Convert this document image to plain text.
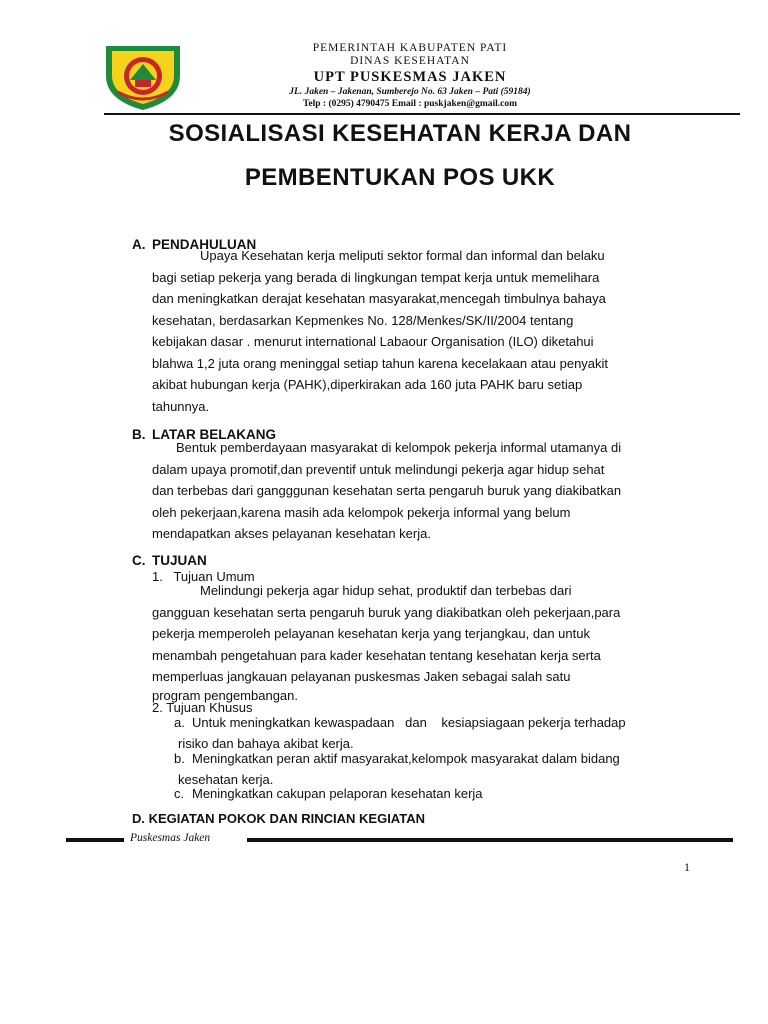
PEMERINTAH KABUPATEN PATI
DINAS KESEHATAN
UPT PUSKESMAS JAKEN
JL. Jaken – Jakenan, Sumberejo No. 63 Jaken – Pati (59184)
Telp : (0295) 4790475 Email : puskjaken@gmail.com
SOSIALISASI KESEHATAN KERJA DAN
PEMBENTUKAN POS UKK
A. PENDAHULUAN
Upaya Kesehatan kerja meliputi sektor formal dan informal dan belaku
bagi setiap pekerja yang berada di lingkungan tempat kerja untuk memelihara
dan meningkatkan derajat kesehatan masyarakat,mencegah timbulnya bahaya
kesehatan, berdasarkan Kepmenkes No. 128/Menkes/SK/II/2004 tentang
kebijakan dasar . menurut international Labaour Organisation (ILO) diketahui
blahwa 1,2 juta orang meninggal setiap tahun karena kecelakaan atau penyakit
akibat hubungan kerja (PAHK),diperkirakan ada 160 juta PAHK baru setiap
tahunnya.
B. LATAR BELAKANG
Bentuk pemberdayaan masyarakat di kelompok pekerja informal utamanya di
dalam upaya promotif,dan preventif untuk melindungi pekerja agar hidup sehat
dan terbebas dari gangggunan kesehatan serta pengaruh buruk yang diakibatkan
oleh pekerjaan,karena masih ada kelompok pekerja informal yang belum
mendapatkan akses pelayanan kesehatan kerja.
C. TUJUAN
1.   Tujuan Umum
Melindungi pekerja agar hidup sehat, produktif dan terbebas dari
gangguan kesehatan serta pengaruh buruk yang diakibatkan oleh pekerjaan,para
pekerja memperoleh pelayanan kesehatan kerja yang terjangkau, dan untuk
menambah pengetahuan para kader kesehatan tentang kesehatan kerja serta
memperluas jangkauan pelayanan puskesmas Jaken sebagai salah satu
program pengembangan.
2. Tujuan Khusus
a. Untuk meningkatkan kewaspadaan   dan    kesiapsiagaan pekerja terhadap
risiko dan bahaya akibat kerja.
b. Meningkatkan peran aktif masyarakat,kelompok masyarakat dalam bidang
kesehatan kerja.
c. Meningkatkan cakupan pelaporan kesehatan kerja
D. KEGIATAN POKOK DAN RINCIAN KEGIATAN
Puskesmas Jaken
1
